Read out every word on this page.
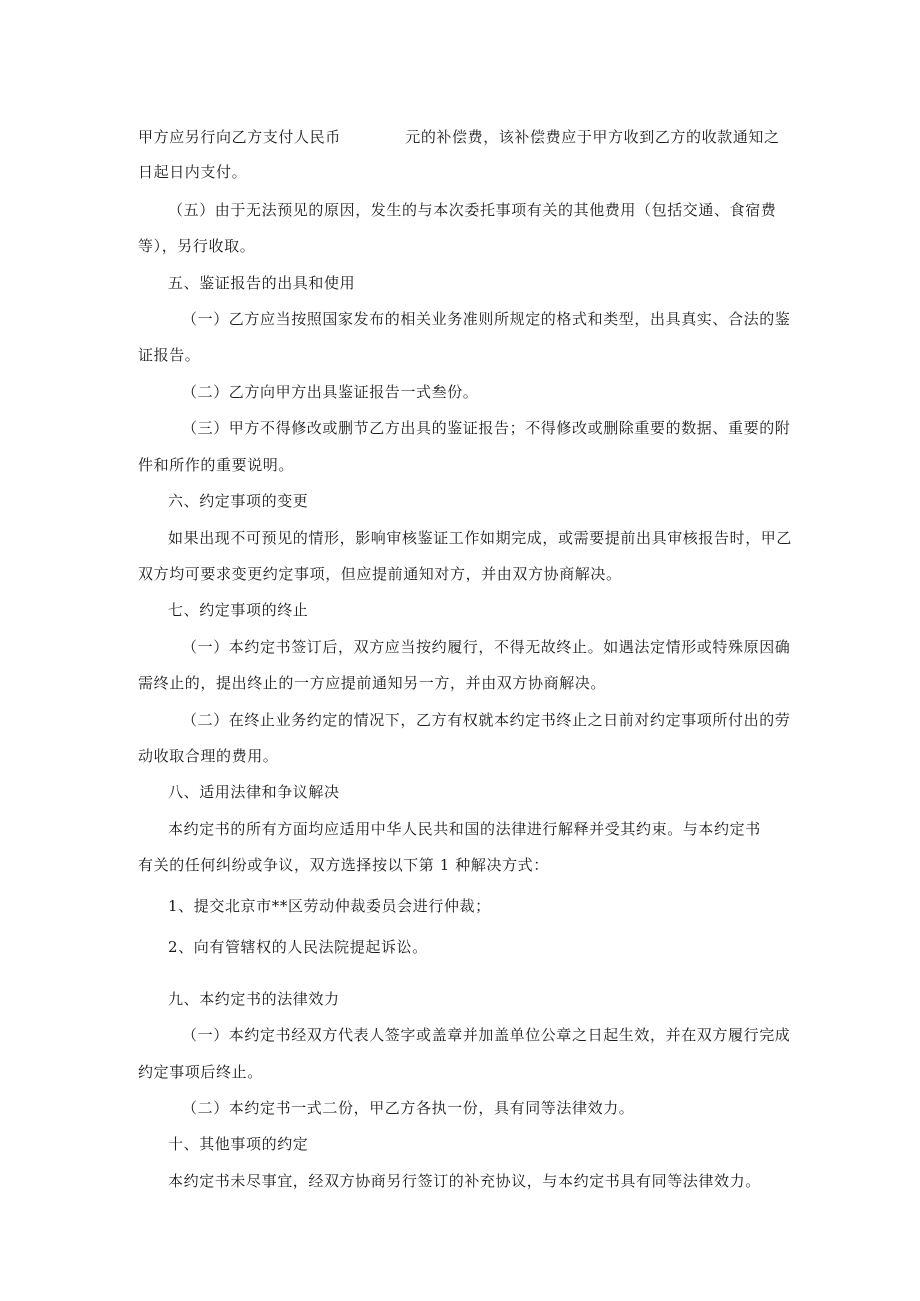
甲方应另行向乙方支付人民币            元的补偿费，该补偿费应于甲方收到乙方的收款通知之
日起日内支付。
（五）由于无法预见的原因，发生的与本次委托事项有关的其他费用（包括交通、食宿费
等），另行收取。
五、鉴证报告的出具和使用
（一）乙方应当按照国家发布的相关业务准则所规定的格式和类型，出具真实、合法的鉴
证报告。
（二）乙方向甲方出具鉴证报告一式叁份。
（三）甲方不得修改或删节乙方出具的鉴证报告；不得修改或删除重要的数据、重要的附
件和所作的重要说明。
六、约定事项的变更
如果出现不可预见的情形，影响审核鉴证工作如期完成，或需要提前出具审核报告时，甲乙
双方均可要求变更约定事项，但应提前通知对方，并由双方协商解决。
七、约定事项的终止
（一）本约定书签订后，双方应当按约履行，不得无故终止。如遇法定情形或特殊原因确
需终止的，提出终止的一方应提前通知另一方，并由双方协商解决。
（二）在终止业务约定的情况下，乙方有权就本约定书终止之日前对约定事项所付出的劳
动收取合理的费用。
八、适用法律和争议解决
本约定书的所有方面均应适用中华人民共和国的法律进行解释并受其约束。与本约定书
有关的任何纠纷或争议，双方选择按以下第 1 种解决方式：
1、提交北京市**区劳动仲裁委员会进行仲裁；
2、向有管辖权的人民法院提起诉讼。
九、本约定书的法律效力
（一）本约定书经双方代表人签字或盖章并加盖单位公章之日起生效，并在双方履行完成
约定事项后终止。
（二）本约定书一式二份，甲乙方各执一份，具有同等法律效力。
十、其他事项的约定
本约定书未尽事宜，经双方协商另行签订的补充协议，与本约定书具有同等法律效力。
